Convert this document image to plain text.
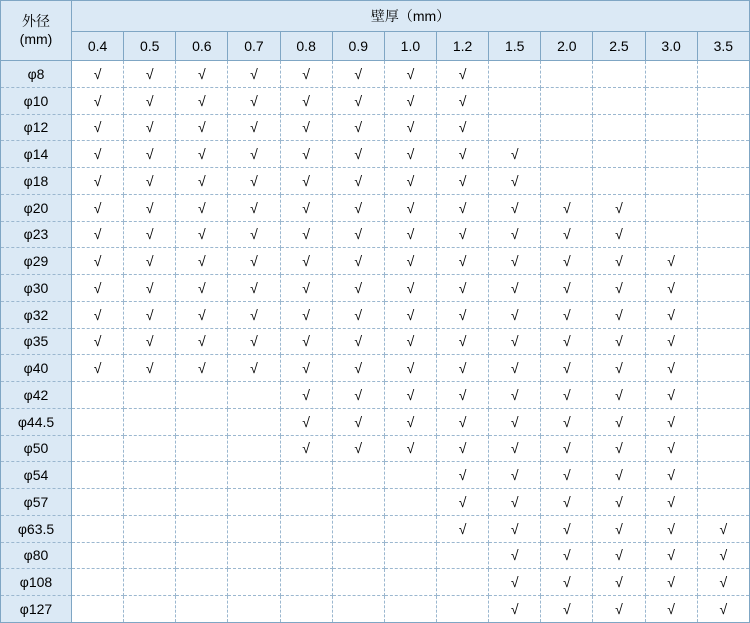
外径
(mm)	壁厚（mm）												
	0.4	0.5	0.6	0.7	0.8	0.9	1.0	1.2	1.5	2.0	2.5	3.0	3.5
φ8	√	√	√	√	√	√	√	√					
φ10	√	√	√	√	√	√	√	√					
φ12	√	√	√	√	√	√	√	√					
φ14	√	√	√	√	√	√	√	√	√				
φ18	√	√	√	√	√	√	√	√	√				
φ20	√	√	√	√	√	√	√	√	√	√	√		
φ23	√	√	√	√	√	√	√	√	√	√	√		
φ29	√	√	√	√	√	√	√	√	√	√	√	√	
φ30	√	√	√	√	√	√	√	√	√	√	√	√	
φ32	√	√	√	√	√	√	√	√	√	√	√	√	
φ35	√	√	√	√	√	√	√	√	√	√	√	√	
φ40	√	√	√	√	√	√	√	√	√	√	√	√	
φ42					√	√	√	√	√	√	√	√	
φ44.5					√	√	√	√	√	√	√	√	
φ50					√	√	√	√	√	√	√	√	
φ54								√	√	√	√	√	
φ57								√	√	√	√	√	
φ63.5								√	√	√	√	√	√
φ80									√	√	√	√	√
φ108									√	√	√	√	√
φ127									√	√	√	√	√
